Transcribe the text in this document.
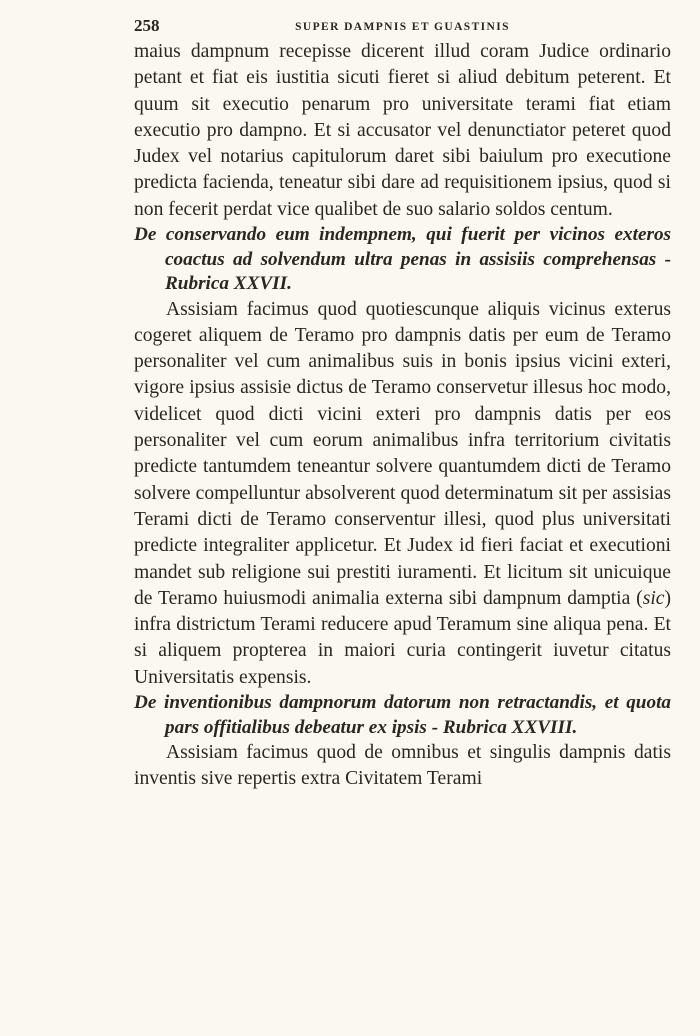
258	SUPER DAMPNIS ET GUASTINIS

maius dampnum recepisse dicerent illud coram Judice ordinario petant et fiat eis iustitia sicuti fieret si aliud debitum peterent. Et quum sit executio penarum pro universitate terami fiat etiam executio pro dampno. Et si accusator vel denunctiator peteret quod Judex vel notarius capitulorum daret sibi baiulum pro executione predicta facienda, teneatur sibi dare ad requisitionem ipsius, quod si non fecerit perdat vice qualibet de suo salario soldos centum.

De conservando eum indempnem, qui fuerit per vicinos exteros coactus ad solvendum ultra penas in assisiis comprehensas - Rubrica XXVII.

Assisiam facimus quod quotiescunque aliquis vicinus exterus cogeret aliquem de Teramo pro dampnis datis per eum de Teramo personaliter vel cum animalibus suis in bonis ipsius vicini exteri, vigore ipsius assisie dictus de Teramo conservetur illesus hoc modo, videlicet quod dicti vicini exteri pro dampnis datis per eos personaliter vel cum eorum animalibus infra territorium civitatis predicte tantumdem teneantur solvere quantumdem dicti de Teramo solvere compelluntur absolverent quod determinatum sit per assisias Terami dicti de Teramo conserventur illesi, quod plus universitati predicte integraliter applicetur. Et Judex id fieri faciat et executioni mandet sub religione sui prestiti iuramenti. Et licitum sit unicuique de Teramo huiusmodi animalia externa sibi dampnum damptia (sic) infra districtum Terami reducere apud Teramum sine aliqua pena. Et si aliquem propterea in maiori curia contingerit iuvetur citatus Universitatis expensis.

De inventionibus dampnorum datorum non retractandis, et quota pars offitialibus debeatur ex ipsis - Rubrica XXVIII.

Assisiam facimus quod de omnibus et singulis dampnis datis inventis sive repertis extra Civitatem Terami
